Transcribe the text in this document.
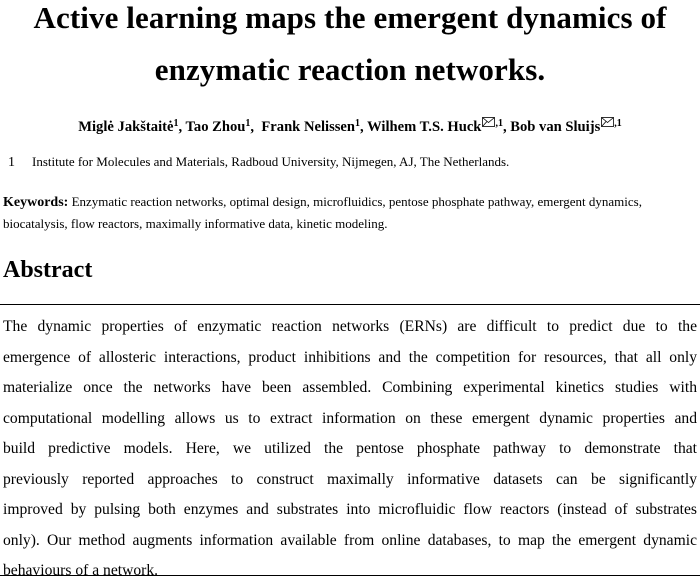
Active learning maps the emergent dynamics of
enzymatic reaction networks.
Miglė Jakštaitė$^1$, Tao Zhou$^1$,  Frank Nelissen$^1$, Wilhem T.S. Huck $^{,1}$, Bob van Sluijs $^{,1}$
1 Institute for Molecules and Materials, Radboud University, Nijmegen, AJ, The Netherlands.
Keywords: Enzymatic reaction networks, optimal design, microfluidics, pentose phosphate pathway, emergent dynamics,
biocatalysis, flow reactors, maximally informative data, kinetic modeling.
Abstract
The dynamic properties of enzymatic reaction networks (ERNs) are difficult to predict due to the
emergence of allosteric interactions, product inhibitions and the competition for resources, that all only
materialize once the networks have been assembled. Combining experimental kinetics studies with
computational modelling allows us to extract information on these emergent dynamic properties and
build predictive models. Here, we utilized the pentose phosphate pathway to demonstrate that
previously reported approaches to construct maximally informative datasets can be significantly
improved by pulsing both enzymes and substrates into microfluidic flow reactors (instead of substrates
only). Our method augments information available from online databases, to map the emergent dynamic
behaviours of a network.
